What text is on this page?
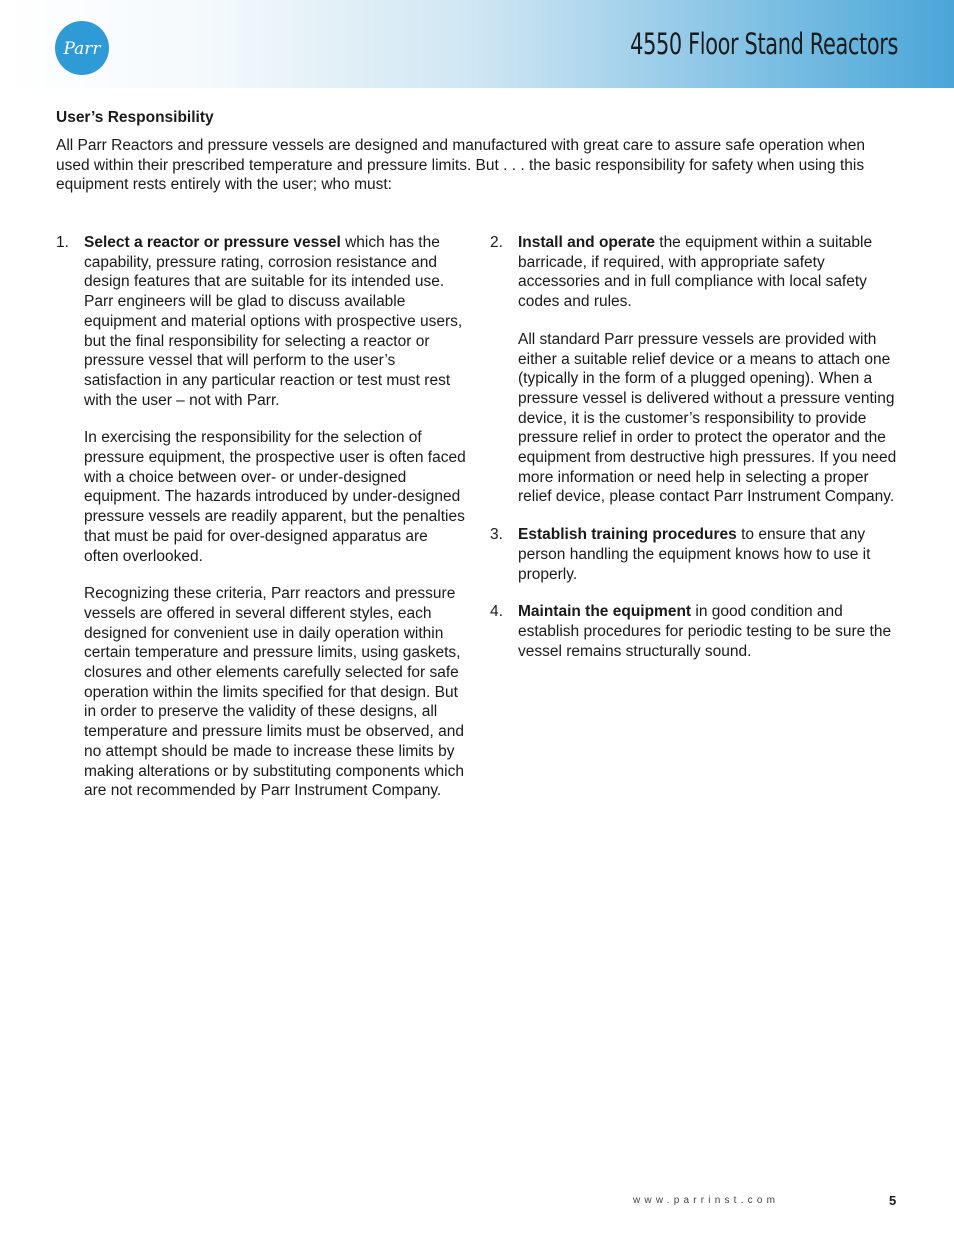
Parr	4550 Floor Stand Reactors
User’s Responsibility
All Parr Reactors and pressure vessels are designed and manufactured with great care to assure safe operation when used within their prescribed temperature and pressure limits. But . . . the basic responsibility for safety when using this equipment rests entirely with the user; who must:
1. Select a reactor or pressure vessel which has the capability, pressure rating, corrosion resistance and design features that are suitable for its intended use. Parr engineers will be glad to discuss available equipment and material options with prospective users, but the final responsibility for selecting a reactor or pressure vessel that will perform to the user’s satisfaction in any particular reaction or test must rest with the user – not with Parr.

In exercising the responsibility for the selection of pressure equipment, the prospective user is often faced with a choice between over- or under-designed equipment. The hazards introduced by under-designed pressure vessels are readily apparent, but the penalties that must be paid for over-designed apparatus are often overlooked.

Recognizing these criteria, Parr reactors and pressure vessels are offered in several different styles, each designed for convenient use in daily operation within certain temperature and pressure limits, using gaskets, closures and other elements carefully selected for safe operation within the limits specified for that design. But in order to preserve the validity of these designs, all temperature and pressure limits must be observed, and no attempt should be made to increase these limits by making alterations or by substituting components which are not recommended by Parr Instrument Company.

2. Install and operate the equipment within a suitable barricade, if required, with appropriate safety accessories and in full compliance with local safety codes and rules.

All standard Parr pressure vessels are provided with either a suitable relief device or a means to attach one (typically in the form of a plugged opening). When a pressure vessel is delivered without a pressure venting device, it is the customer’s responsibility to provide pressure relief in order to protect the operator and the equipment from destructive high pressures. If you need more information or need help in selecting a proper relief device, please contact Parr Instrument Company.

3. Establish training procedures to ensure that any person handling the equipment knows how to use it properly.

4. Maintain the equipment in good condition and establish procedures for periodic testing to be sure the vessel remains structurally sound.

www.parrinst.com	5
